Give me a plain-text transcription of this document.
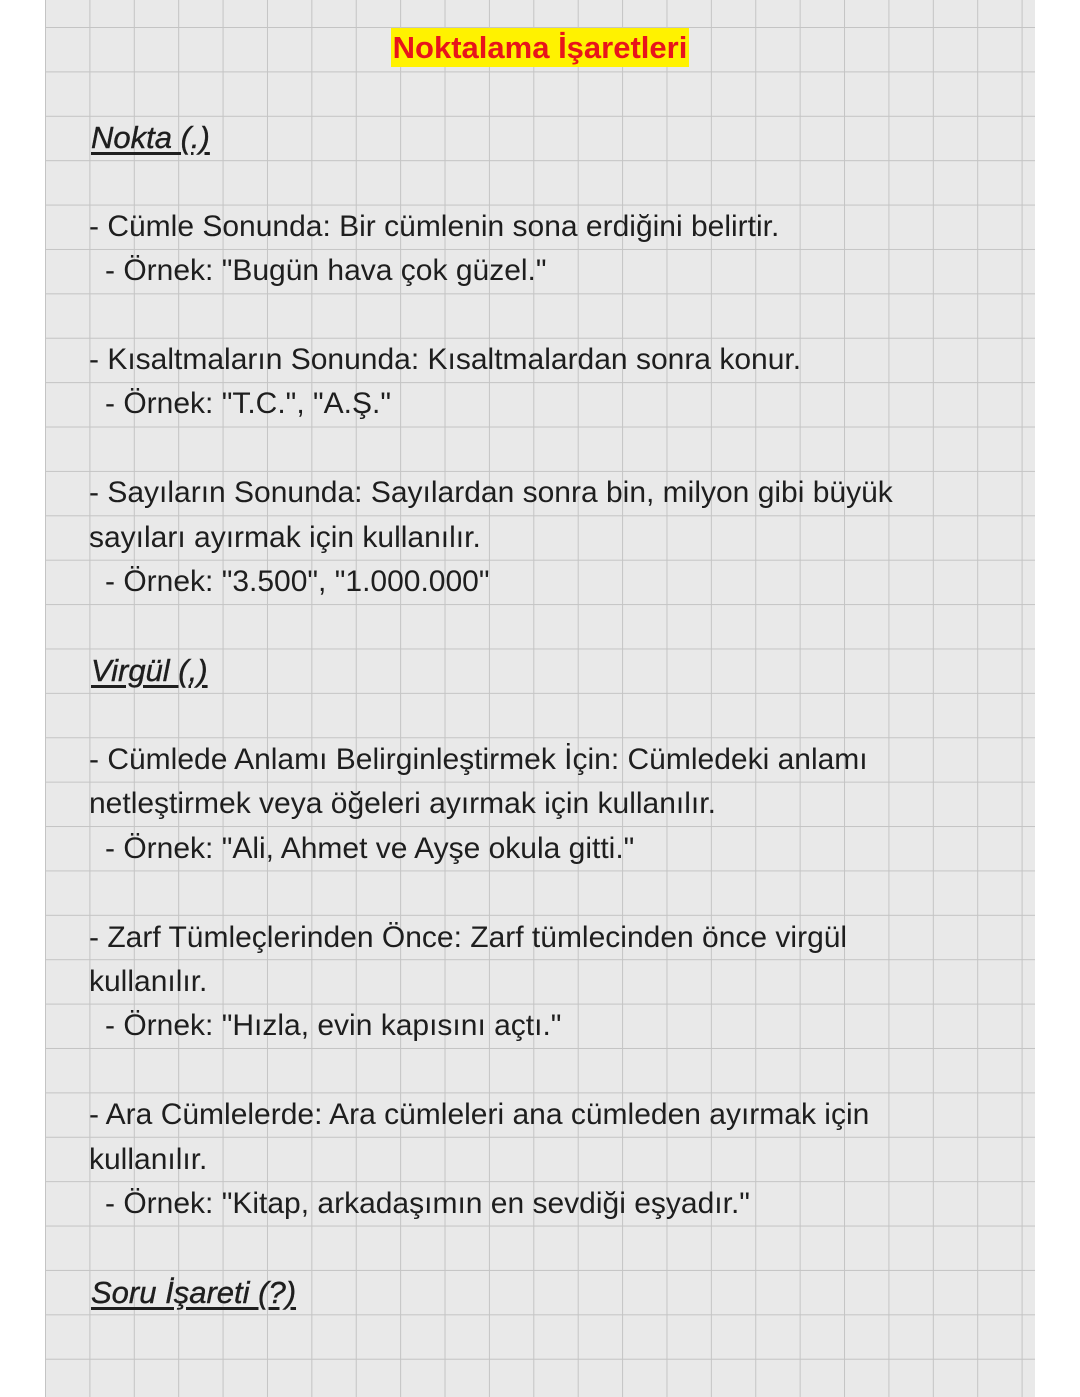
Noktalama İşaretleri
Nokta (.)

- Cümle Sonunda: Bir cümlenin sona erdiğini belirtir.

- Örnek: "Bugün hava çok güzel."

- Kısaltmaların Sonunda: Kısaltmalardan sonra konur.

- Örnek: "T.C.", "A.Ş."

- Sayıların Sonunda: Sayılardan sonra bin, milyon gibi büyük

sayıları ayırmak için kullanılır.

- Örnek: "3.500", "1.000.000"

Virgül (,)

- Cümlede Anlamı Belirginleştirmek İçin: Cümledeki anlamı

netleştirmek veya öğeleri ayırmak için kullanılır.

- Örnek: "Ali, Ahmet ve Ayşe okula gitti."

- Zarf Tümleçlerinden Önce: Zarf tümlecinden önce virgül

kullanılır.

- Örnek: "Hızla, evin kapısını açtı."

- Ara Cümlelerde: Ara cümleleri ana cümleden ayırmak için

kullanılır.

- Örnek: "Kitap, arkadaşımın en sevdiği eşyadır."

Soru İşareti (?)
